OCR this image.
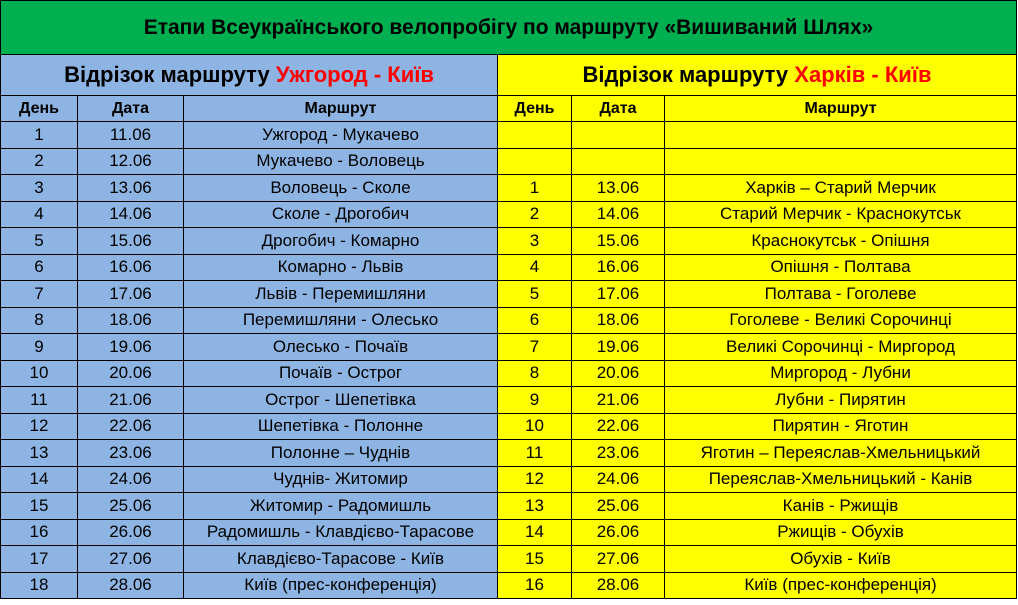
Етапи Всеукраїнського велопробігу по маршруту «Вишиваний Шлях»					
Відрізок маршруту Ужгород - Київ			Відрізок маршруту Харків - Київ		
День	Дата	Маршрут	День	Дата	Маршрут
1	11.06	Ужгород - Мукачево			
2	12.06	Мукачево - Воловець			
3	13.06	Воловець - Сколе	1	13.06	Харків – Старий Мерчик
4	14.06	Сколе - Дрогобич	2	14.06	Старий Мерчик - Краснокутськ
5	15.06	Дрогобич - Комарно	3	15.06	Краснокутськ - Опішня
6	16.06	Комарно - Львів	4	16.06	Опішня - Полтава
7	17.06	Львів - Перемишляни	5	17.06	Полтава - Гоголеве
8	18.06	Перемишляни - Олесько	6	18.06	Гоголеве - Великі Сорочинці
9	19.06	Олесько - Почаїв	7	19.06	Великі Сорочинці - Миргород
10	20.06	Почаїв - Острог	8	20.06	Миргород - Лубни
11	21.06	Острог - Шепетівка	9	21.06	Лубни - Пирятин
12	22.06	Шепетівка - Полонне	10	22.06	Пирятин - Яготин
13	23.06	Полонне – Чуднів	11	23.06	Яготин – Переяслав-Хмельницький
14	24.06	Чуднів- Житомир	12	24.06	Переяслав-Хмельницький - Канів
15	25.06	Житомир - Радомишль	13	25.06	Канів - Ржищів
16	26.06	Радомишль - Клавдієво-Тарасове	14	26.06	Ржищів - Обухів
17	27.06	Клавдієво-Тарасове - Київ	15	27.06	Обухів - Київ
18	28.06	Київ (прес-конференція)	16	28.06	Київ (прес-конференція)
